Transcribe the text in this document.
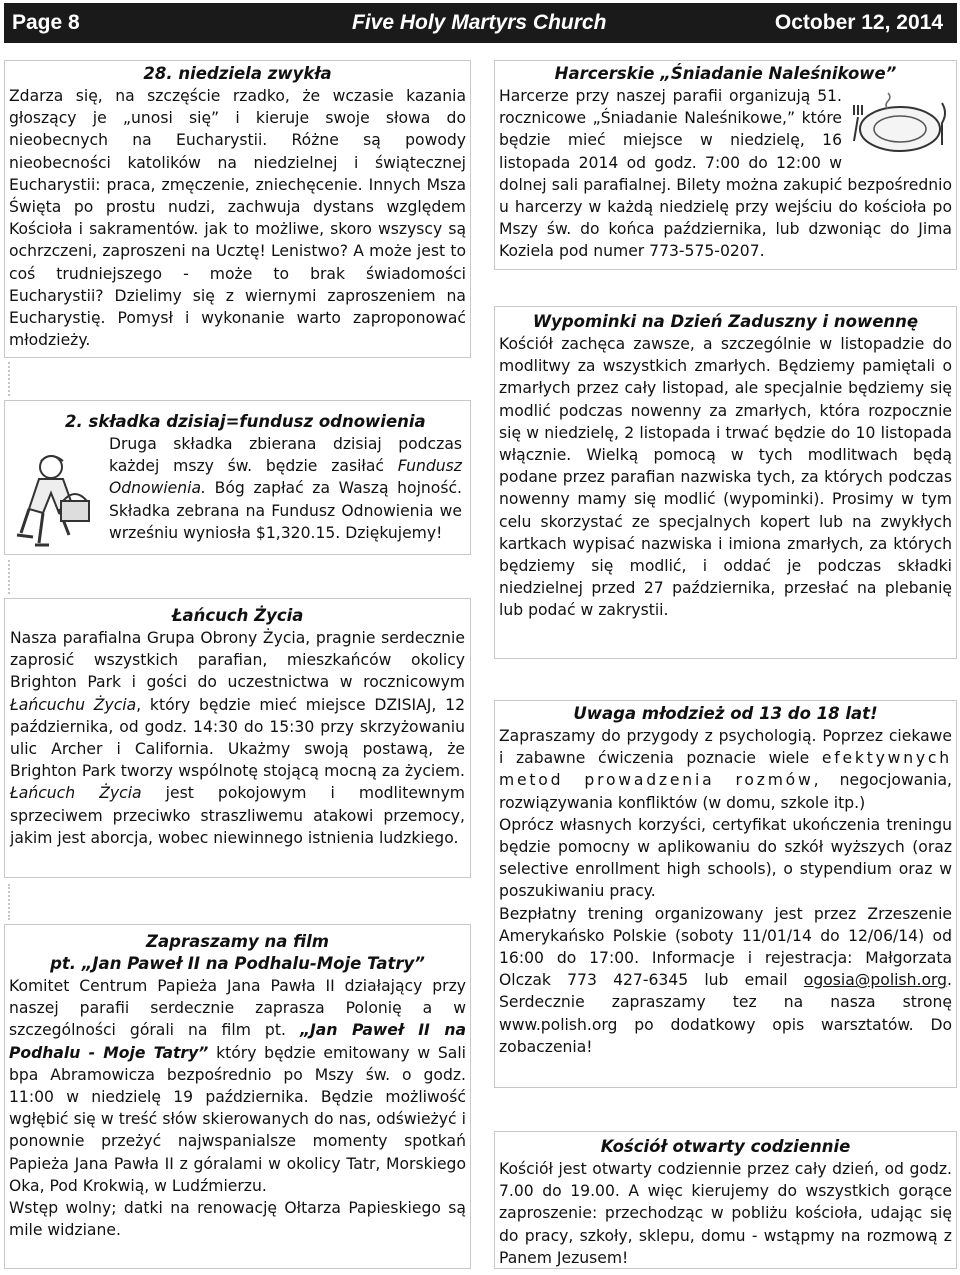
Page 8	Five Holy Martyrs Church	October 12, 2014
28. niedziela zwykła

Zdarza się, na szczęście rzadko, że wczasie kazania głoszący je „unosi się” i kieruje swoje słowa do nieobecnych na Eucharystii. Różne są powody nieobecności katolików na niedzielnej i świątecznej Eucharystii: praca, zmęczenie, zniechęcenie. Innych Msza Święta po prostu nudzi, zachwuja dystans względem Kościoła i sakramentów. jak to możliwe, skoro wszyscy są ochrzczeni, zaproszeni na Ucztę! Lenistwo? A może jest to coś trudniejszego - może to brak świadomości Eucharystii? Dzielimy się z wiernymi zaproszeniem na Eucharystię. Pomysł i wykonanie warto zaproponować młodzieży.

2. składka dzisiaj=fundusz odnowienia

Druga składka zbierana dzisiaj podczas każdej mszy św. będzie zasiłać Fundusz Odnowienia. Bóg zapłać za Waszą hojność. Składka zebrana na Fundusz Odnowienia we wrześniu wyniosła $1,320.15. Dziękujemy!

Łańcuch Życia

Nasza parafialna Grupa Obrony Życia, pragnie serdecznie zaprosić wszystkich parafian, mieszkańców okolicy Brighton Park i gości do uczestnictwa w rocznicowym Łańcuchu Życia, który będzie mieć miejsce DZISIAJ, 12 października, od godz. 14:30 do 15:30 przy skrzyżowaniu ulic Archer i California. Ukażmy swoją postawą, że Brighton Park tworzy wspólnotę stojącą mocną za życiem. Łańcuch Życia jest pokojowym i modlitewnym sprzeciwem przeciwko straszliwemu atakowi przemocy, jakim jest aborcja, wobec niewinnego istnienia ludzkiego.

Zapraszamy na film
pt. „Jan Paweł II na Podhalu-Moje Tatry”

Komitet Centrum Papieża Jana Pawła II działający przy naszej parafii serdecznie zaprasza Polonię a w szczególności górali na film pt. „Jan Paweł II na Podhalu - Moje Tatry” który będzie emitowany w Sali bpa Abramowicza bezpośrednio po Mszy św. o godz. 11:00 w niedzielę 19 października. Będzie możliwość wgłębić się w treść słów skierowanych do nas, odświeżyć i ponownie przeżyć najwspanialsze momenty spotkań Papieża Jana Pawła II z góralami w okolicy Tatr, Morskiego Oka, Pod Krokwią, w Ludźmierzu.

Wstęp wolny; datki na renowację Ołtarza Papieskiego są mile widziane.

Harcerskie „Śniadanie Naleśnikowe”

Harcerze przy naszej parafii organizują 51. rocznicowe „Śniadanie Naleśnikowe,” które będzie mieć miejsce w niedzielę, 16 listopada 2014 od godz. 7:00 do 12:00 w dolnej sali parafialnej. Bilety można zakupić bezpośrednio u harcerzy w każdą niedzielę przy wejściu do kościoła po Mszy św. do końca października, lub dzwoniąc do Jima Koziela pod numer 773-575-0207.

Wypominki na Dzień Zaduszny i nowennę

Kościół zachęca zawsze, a szczególnie w listopadzie do modlitwy za wszystkich zmarłych. Będziemy pamiętali o zmarłych przez cały listopad, ale specjalnie będziemy się modlić podczas nowenny za zmarłych, która rozpocznie się w niedzielę, 2 listopada i trwać będzie do 10 listopada włącznie. Wielką pomocą w tych modlitwach będą podane przez parafian nazwiska tych, za których podczas nowenny mamy się modlić (wypominki). Prosimy w tym celu skorzystać ze specjalnych kopert lub na zwykłych kartkach wypisać nazwiska i imiona zmarłych, za których będziemy się modlić, i oddać je podczas składki niedzielnej przed 27 października, przesłać na plebanię lub podać w zakrystii.

Uwaga młodzież od 13 do 18 lat!

Zapraszamy do przygody z psychologią. Poprzez ciekawe i zabawne ćwiczenia poznacie wiele efektywnych metod prowadzenia rozmów, negocjowania, rozwiązywania konfliktów (w domu, szkole itp.)

Oprócz własnych korzyści, certyfikat ukończenia treningu będzie pomocny w aplikowaniu do szkół wyższych (oraz selective enrollment high schools), o stypendium oraz w poszukiwaniu pracy.

Bezpłatny trening organizowany jest przez Zrzeszenie Amerykańsko Polskie (soboty 11/01/14 do 12/06/14) od 16:00 do 17:00. Informacje i rejestracja: Małgorzata Olczak 773 427-6345 lub email ogosia@polish.org. Serdecznie zapraszamy tez na nasza stronę www.polish.org po dodatkowy opis warsztatów. Do zobaczenia!

Kościół otwarty codziennie

Kościół jest otwarty codziennie przez cały dzień, od godz. 7.00 do 19.00. A więc kierujemy do wszystkich gorące zaproszenie: przechodząc w pobliżu kościoła, udając się do pracy, szkoły, sklepu, domu - wstąpmy na rozmową z Panem Jezusem!
